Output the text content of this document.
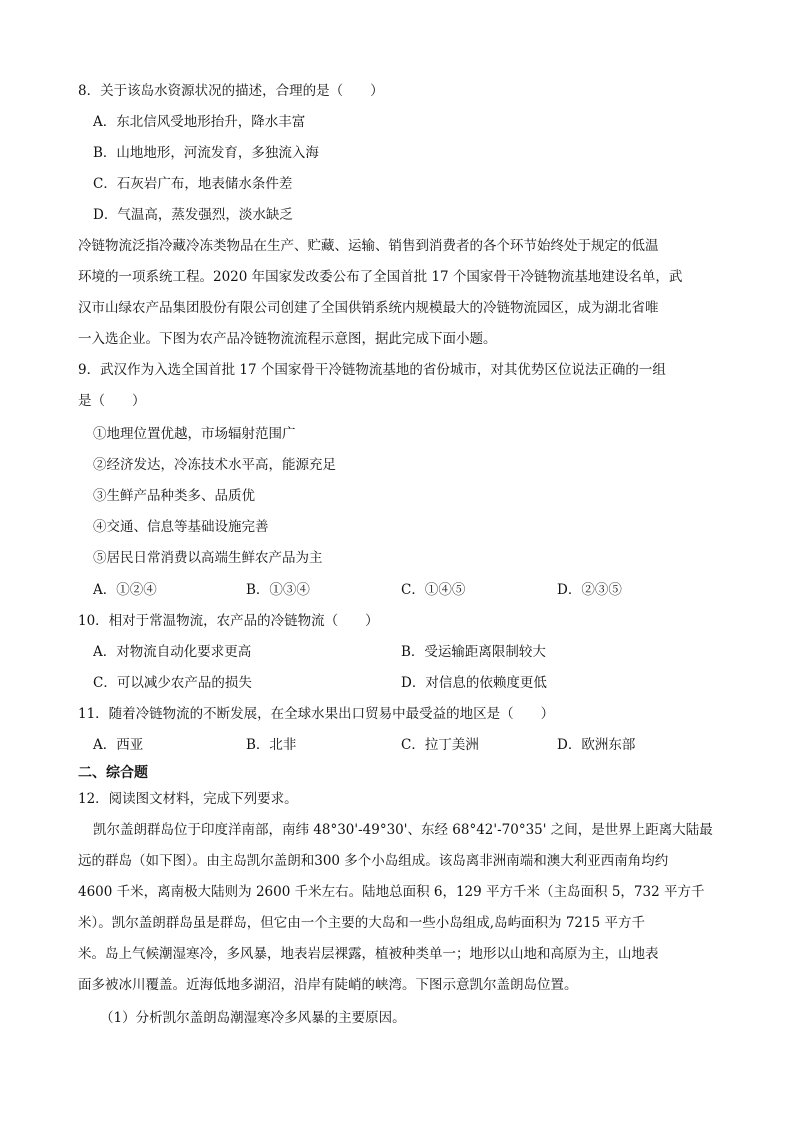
8．关于该岛水资源状况的描述，合理的是（　　）
A．东北信风受地形抬升，降水丰富
B．山地地形，河流发育，多独流入海
C．石灰岩广布，地表储水条件差
D．气温高，蒸发强烈，淡水缺乏
冷链物流泛指冷藏冷冻类物品在生产、贮藏、运输、销售到消费者的各个环节始终处于规定的低温
环境的一项系统工程。2020 年国家发改委公布了全国首批 17 个国家骨干冷链物流基地建设名单，武
汉市山绿农产品集团股份有限公司创建了全国供销系统内规模最大的冷链物流园区，成为湖北省唯
一入选企业。下图为农产品冷链物流流程示意图，据此完成下面小题。
9．武汉作为入选全国首批 17 个国家骨干冷链物流基地的省份城市，对其优势区位说法正确的一组
是（　　）
①地理位置优越，市场辐射范围广
②经济发达，冷冻技术水平高，能源充足
③生鲜产品种类多、品质优
④交通、信息等基础设施完善
⑤居民日常消费以高端生鲜农产品为主
A．①②④	B．①③④	C．①④⑤	D．②③⑤
10．相对于常温物流，农产品的冷链物流（　　）
A．对物流自动化要求更高	B．受运输距离限制较大
C．可以减少农产品的损失	D．对信息的依赖度更低
11．随着冷链物流的不断发展，在全球水果出口贸易中最受益的地区是（　　）
A．西亚	B．北非	C．拉丁美洲	D．欧洲东部
二、综合题
12．阅读图文材料，完成下列要求。
凯尔盖朗群岛位于印度洋南部，南纬 48°30'-49°30'、东经 68°42'-70°35' 之间，是世界上距离大陆最
远的群岛（如下图）。由主岛凯尔盖朗和300 多个小岛组成。该岛离非洲南端和澳大利亚西南角均约
4600 千米，离南极大陆则为 2600 千米左右。陆地总面积 6，129 平方千米（主岛面积 5，732 平方千
米）。凯尔盖朗群岛虽是群岛，但它由一个主要的大岛和一些小岛组成,岛屿面积为 7215 平方千
米。岛上气候潮湿寒冷，多风暴，地表岩层裸露，植被种类单一；地形以山地和高原为主，山地表
面多被冰川覆盖。近海低地多湖沼，沿岸有陡峭的峡湾。下图示意凯尔盖朗岛位置。
（1）分析凯尔盖朗岛潮湿寒冷多风暴的主要原因。
